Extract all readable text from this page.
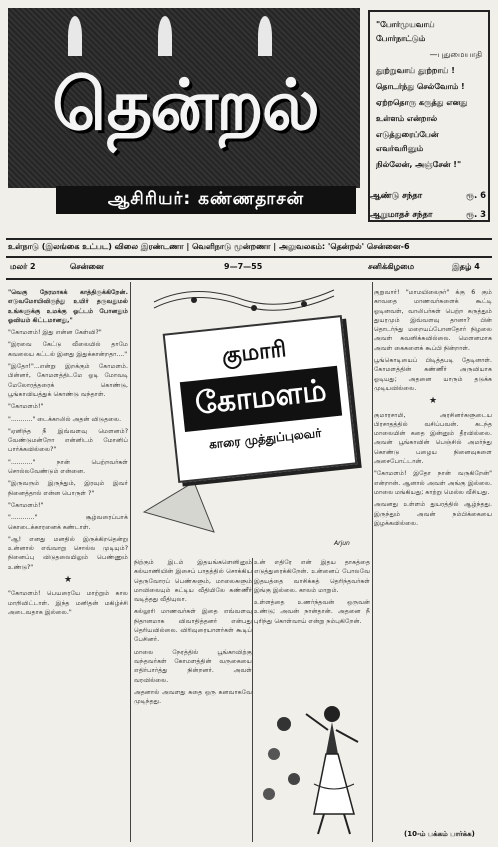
தென்றல்
ஆசிரியர்: கண்ணதாசன்

"போர்முயவாய் போர்நாட்டும்

—புதுமையாதி

தூற்றுவாய் தூற்றாய் !

தொடர்ந்து செல்வோம் !

ஏற்றதொரு கருத்து எனது

உள்ளம் என்றால்

எடுத்துரைப்பேன் எவர்வரினும்

நில்லேன், அஞ்சேன் !"

ஆண்டு சந்தா	ரூ. 6
ஆறுமாதச் சந்தா	ரூ. 3
உள்நாடு (இலங்கை உட்பட) விலை இரண்டணா | வெளிநாடு மூன்றணா | அலுவலகம்: 'தென்றல்' சென்னை-6
மலர் 2	சென்னை	9—7—55	சனிக்கிழமை	இதழ் 4

"வெகு நேரமாகக் காத்திருக்கிறேன். எடுவமோயிவிருந்து உயிர் தருவதுமல் உங்களுக்கு உமக்கு ஓட்டம் போனதும் ஓவியம் கிட்டமானது,"

"கோமளம்! இது என்ன கேள்வி?"

"இரவை கேட்டு வீலையில் தாமே கவலைய கட்டல் இனது இதுக்கான்றதா...."

"இதோ!"...என்று இறக்கும் கோமளம். பின்னர், கோமளத்திடமே ஓடி மோவடி மேலோரத்தரைக் கொண்டு, பூங்காவியத்துக் கொண்டு வந்தாள்.

"கோமளம்!"

"..........." டைக்காலில் அதன் விடுதலை.

"ஏனிந்த நீ இவ்வளவு மௌனம்? வேண்டுமன்றோ என்னிடம் மோனிப் பார்க்கவில்லை?"

"..........." நான் பெற்றவர்கள் சொல்லவேண்டும் என்னை.

"இருவரும் இருந்தும், இரவும் இவர் நினைத்தால் என்ன பொருள் ?"

"கோமளம்!"

"............" சூழ்வரைப்பாக் கொடைக்காரனைக் கண்டாள்.

"ஆ! எனது மனதில் இருக்கிறதென்று உன்னால் எவ்வாறு சொல்ல முடியும்? நினைப்பு விடுதலையிலும் பெண்ணும் உண்டு?"

★

"கோமளம்! பெயரையே மாற்றும் கால மாறிவிட்டாள். இந்த மனிதன் மகிழ்ச்சி அடைவதாக இல்லை."

குமாரி
கோமளம்
காரை முத்துப்புலவர்
Arjun

நிற்கும் இடம் இதயங்களெனினும் கல்யாணியின் இசைப் பாதத்தில் சொக்கிய தெருவோரப் பெண்களும், மாலைகளும் மாவிலையும் கட்டிய வீதியிலே கண்ணீர் வடித்தது வீதியுலா.

கல்லூரி மாணவர்கள் இதை எவ்வளவு நிதானமாக விவாதித்தனர் என்பது தெரியவில்லை. விரிவுரையாளர்கள் கூடிப் பேசினர்.

மாலை நேரத்தில் பூங்காவிற்கு வந்தவர்கள் கோமளத்தின் வருகையை எதிர்பார்த்து நின்றனர். அவள் வரவில்லை.

அதனால் அவளது கதை ஒரு கனவாகவே முடிந்தது.

உன் எதிரே என் இதய தாகத்தை எடுத்துரைக்கிறேன். உன்னைப் போலவே இதயத்தை வாசிக்கத் தெரிந்தவர்கள் இங்கு இல்லை. காலம் மாறும்.

உள்ளத்தை உணர்ந்தவன் ஒருவன் உண்டு; அவன் நான்தான். அதனை நீ புரிந்து கொள்வாய் என்று நம்புகிறேன்.

குறுவார்! "மாமயிலைநர்" க்கு 6 கும் காவதை மாணவர்களைக் கூட்டி ஓடினவள், வாலிபர்கள் பெற்ற கருத்தும் துயரமும் இவ்வளவு தானா? பின் தொடர்ந்து மறையப்போனதோர் நிழலை அவள் கவனிக்கவில்லை. மெளனமாக அவள் கைகளைக் கூப்பி நின்றாள்.

பூங்கொடியைப் பிடித்தபடி தேடினாள். கோமளத்தின் கண்ணீர் அருவியாக ஓடியது; அதனை யாரும் தடுக்க முடியவில்லை.

★

குமாரசாமி, அரசினர்களுடைய பிரசாதத்தில் வசிப்பவன். கடந்த மாலையின் கதை இன்னும் தீரவில்லை. அவன் பூங்காவின் பெஞ்சில் அமர்ந்து கொண்டு பழைய நினைவுகளை அசைபோட்டான்.

"கோமளம்! இதோ நான் வருகிறேன்" என்றான். ஆனால் அவள் அங்கு இல்லை. மாலை மங்கியது; காற்று மெல்ல வீசியது.

அவனது உள்ளம் துயரத்தில் ஆழ்ந்தது. இருந்தும் அவன் நம்பிக்கையை இழக்கவில்லை.

(10-ம் பக்கம் பார்க்க)
